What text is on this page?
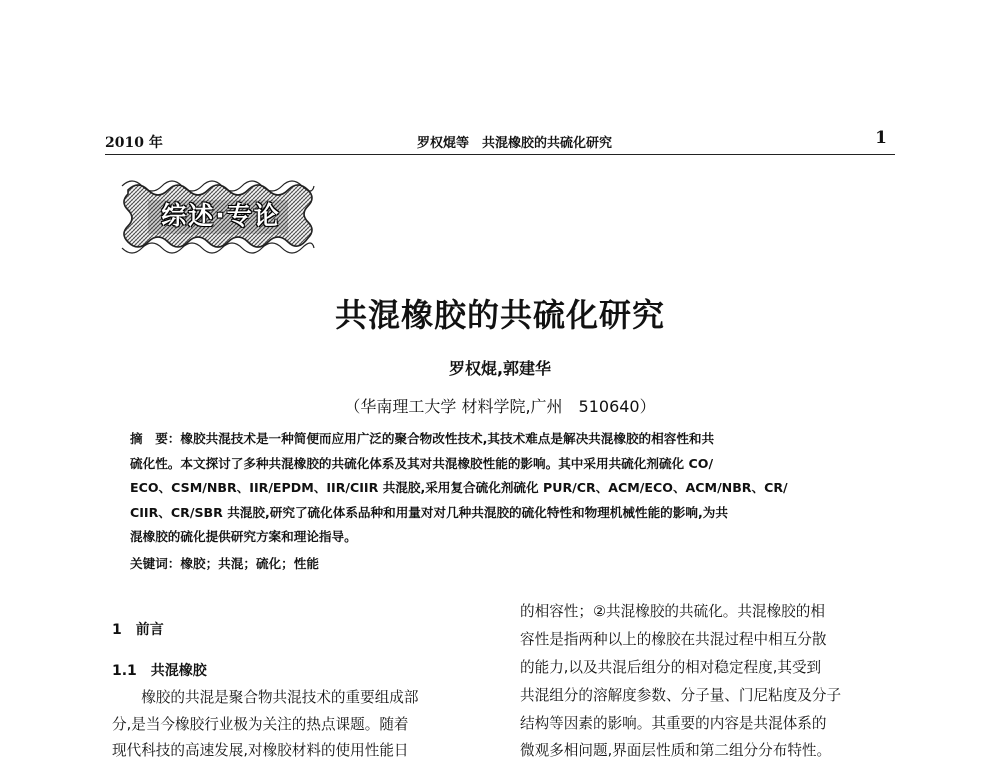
2010 年	罗权焜等　共混橡胶的共硫化研究	1
综述·专论
共混橡胶的共硫化研究
罗权焜,郭建华
（华南理工大学 材料学院,广州　510640）
摘　要：橡胶共混技术是一种简便而应用广泛的聚合物改性技术,其技术难点是解决共混橡胶的相容性和共
硫化性。本文探讨了多种共混橡胶的共硫化体系及其对共混橡胶性能的影响。其中采用共硫化剂硫化 CO/
ECO、CSM/NBR、IIR/EPDM、IIR/CIIR 共混胶,采用复合硫化剂硫化 PUR/CR、ACM/ECO、ACM/NBR、CR/
CIIR、CR/SBR 共混胶,研究了硫化体系品种和用量对对几种共混胶的硫化特性和物理机械性能的影响,为共
混橡胶的硫化提供研究方案和理论指导。
关键词：橡胶；共混；硫化；性能
1　前言
1.1　共混橡胶
　　橡胶的共混是聚合物共混技术的重要组成部
分,是当今橡胶行业极为关注的热点课题。随着
现代科技的高速发展,对橡胶材料的使用性能日
的相容性；②共混橡胶的共硫化。共混橡胶的相
容性是指两种以上的橡胶在共混过程中相互分散
的能力,以及共混后组分的相对稳定程度,其受到
共混组分的溶解度参数、分子量、门尼粘度及分子
结构等因素的影响。其重要的内容是共混体系的
微观多相问题,界面层性质和第二组分分布特性。
